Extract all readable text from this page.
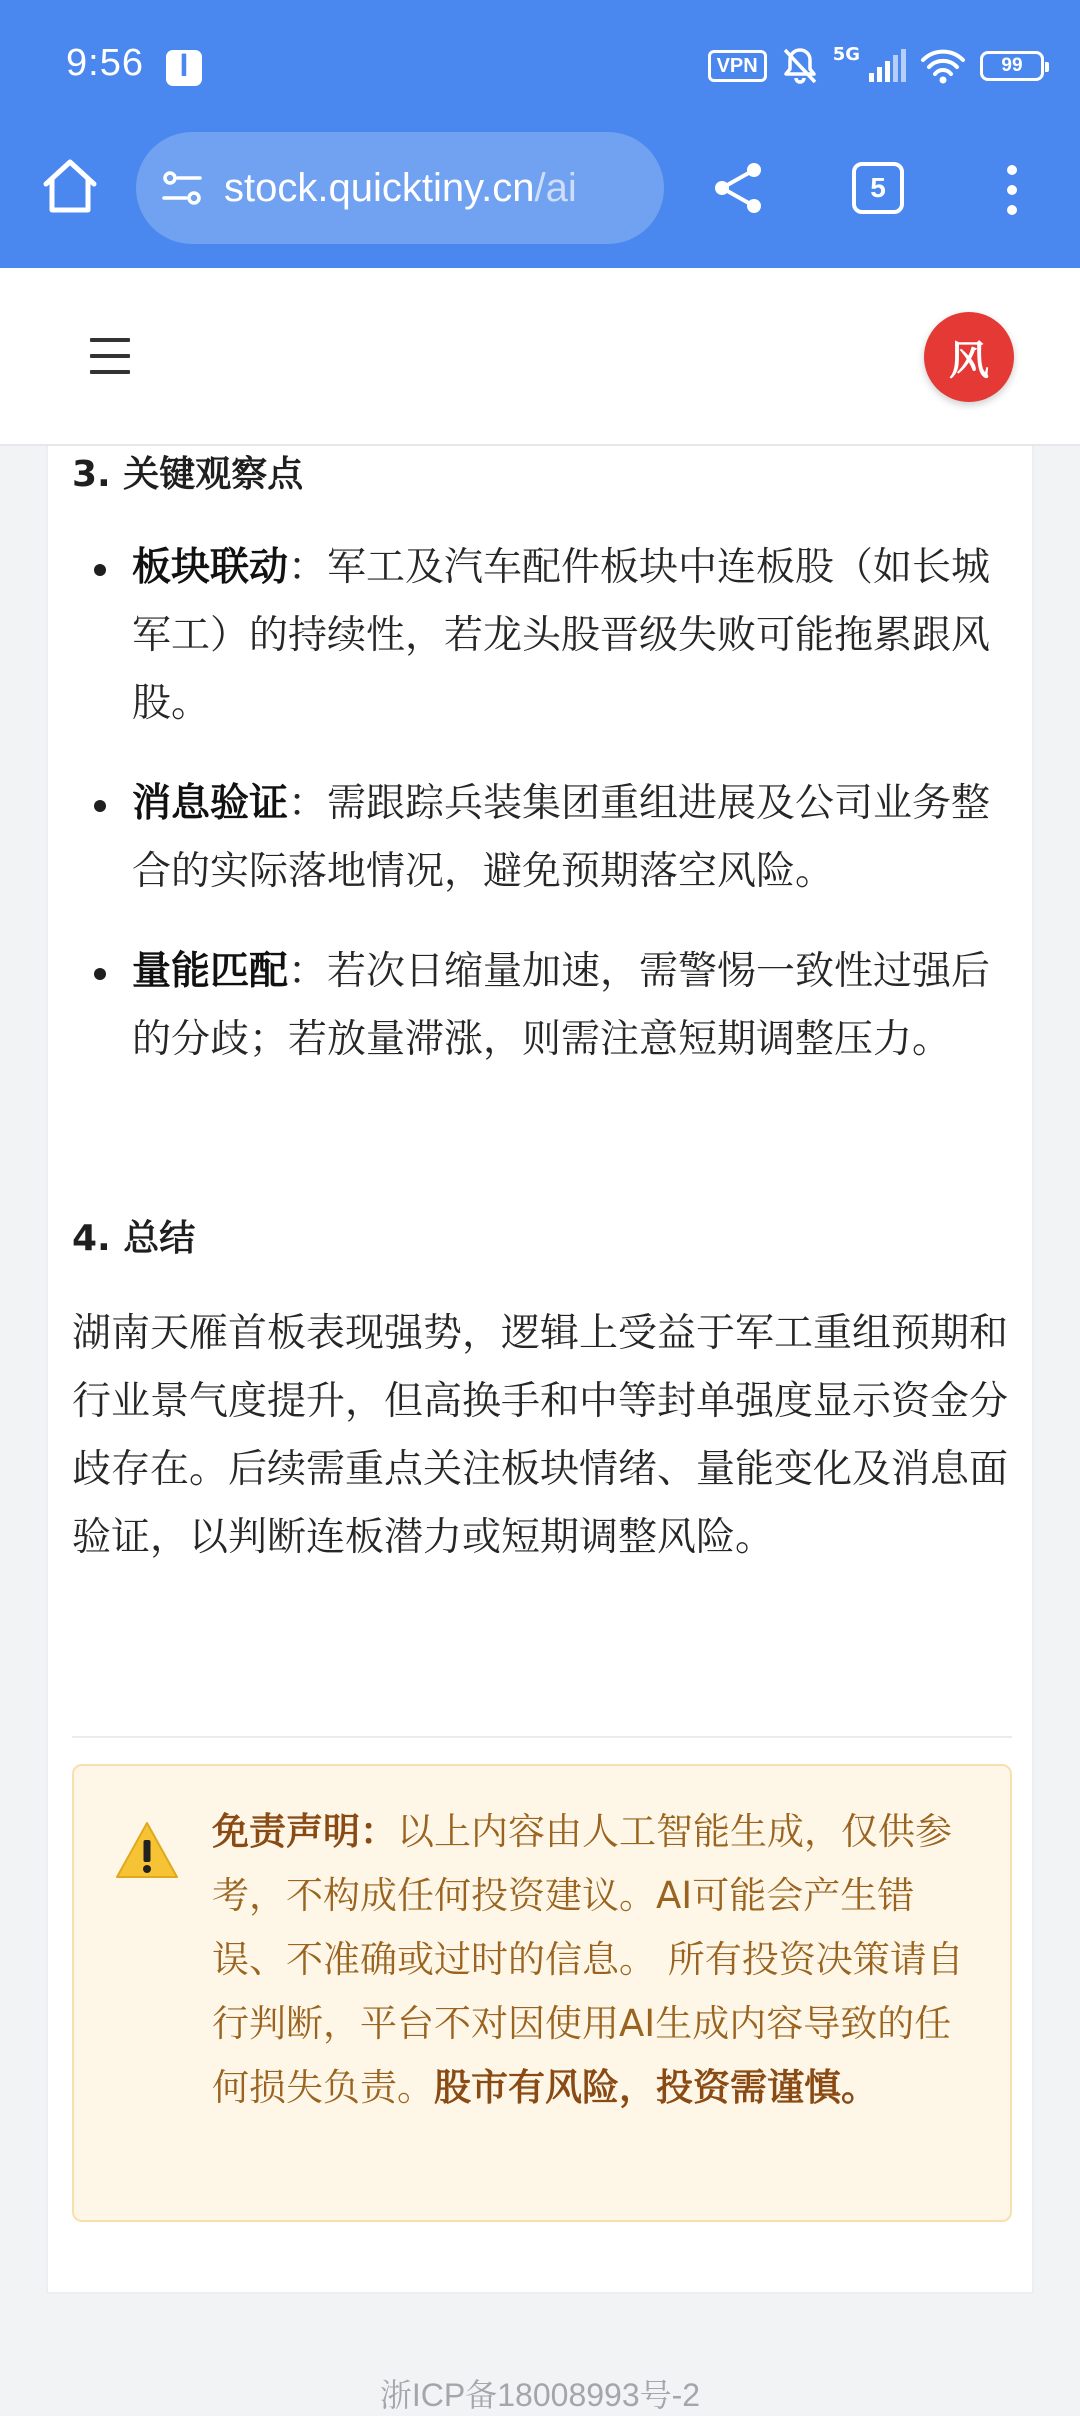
9:56	ꟾ	VPN
5G
99
stock.quicktiny.cn/ai	5
风
3. 关键观察点
板块联动：军工及汽车配件板块中连板股（如长城军工）的持续性，若龙头股晋级失败可能拖累跟风股。
消息验证：需跟踪兵装集团重组进展及公司业务整合的实际落地情况，避免预期落空风险。
量能匹配：若次日缩量加速，需警惕一致性过强后的分歧；若放量滞涨，则需注意短期调整压力。
4. 总结
湖南天雁首板表现强势，逻辑上受益于军工重组预期和行业景气度提升，但高换手和中等封单强度显示资金分歧存在。后续需重点关注板块情绪、量能变化及消息面验证，以判断连板潜力或短期调整风险。
免责声明：以上内容由人工智能生成，仅供参考，不构成任何投资建议。AI可能会产生错误、不准确或过时的信息。 所有投资决策请自行判断，平台不对因使用AI生成内容导致的任何损失负责。股市有风险，投资需谨慎。
浙ICP备18008993号-2
